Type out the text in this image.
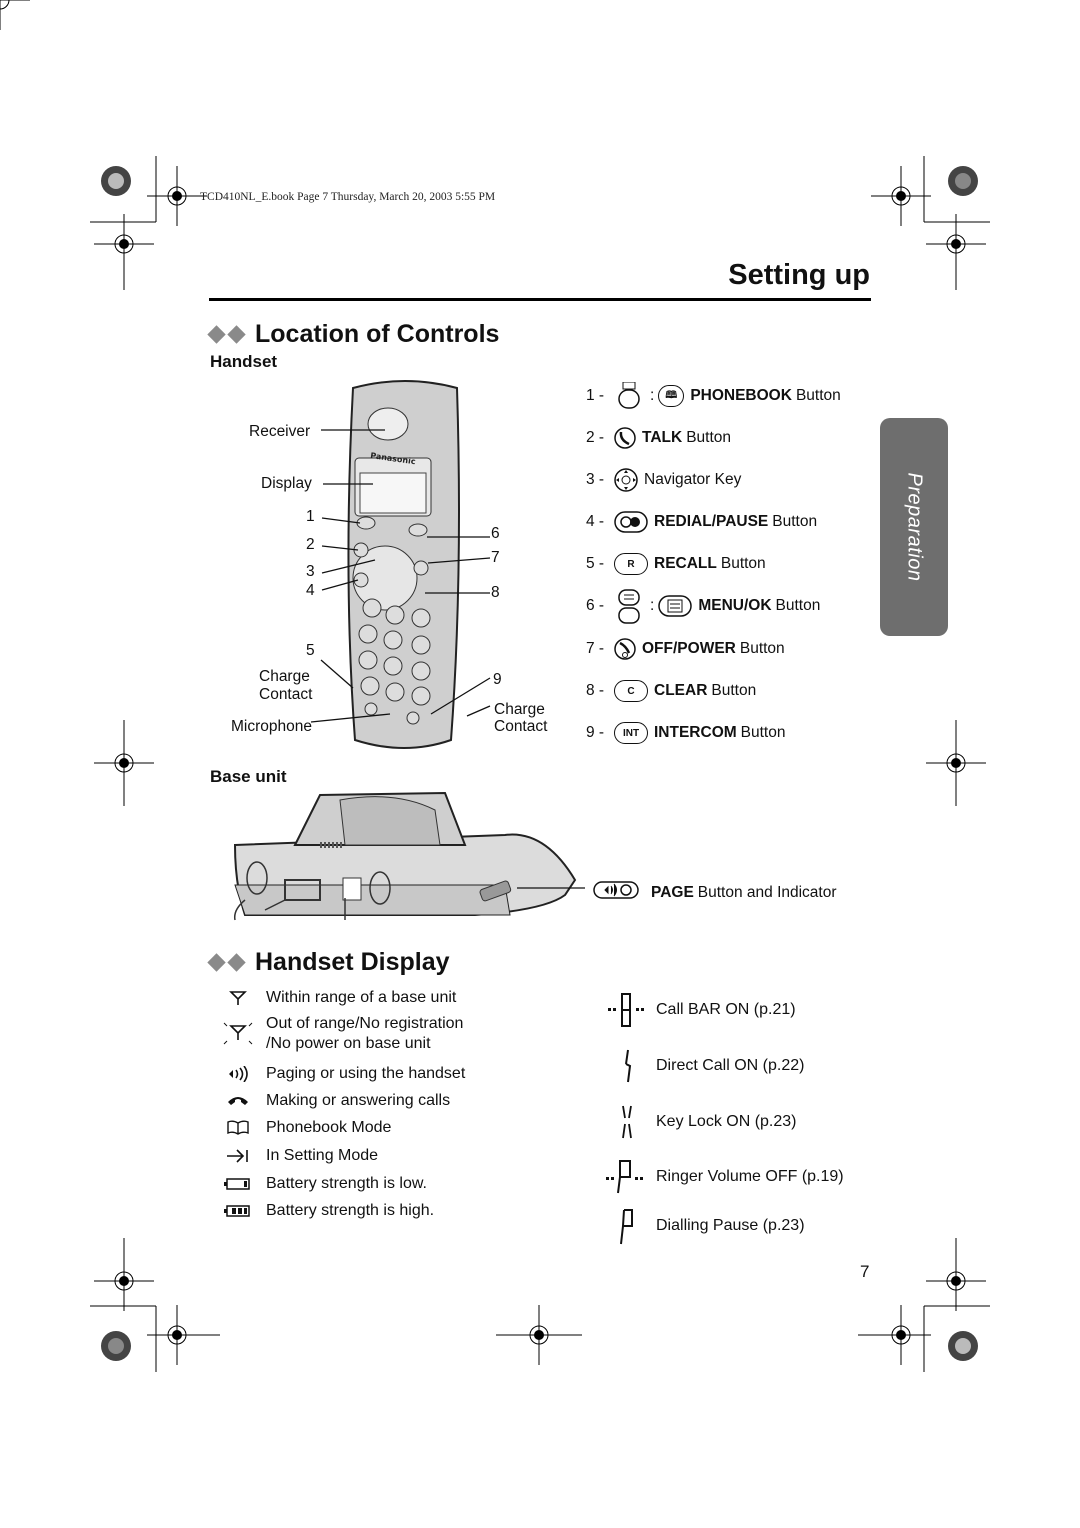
TCD410NL_E.book Page 7 Thursday, March 20, 2003 5:55 PM
Setting up
Location of Controls
Handset
Panasonic
Receiver
Display
1
2
3
4
5
Charge
Contact
Microphone
6
7
8
9
Charge
Contact
1 -	:	🕮 PHONEBOOK Button
2 -	TALK Button
3 -	Navigator Key
4 -	REDIAL/PAUSE Button
5 -	R	RECALL Button
6 -	:	MENU/OK Button
7 -	OFF/POWER Button
8 -	C	CLEAR Button
9 -	INT INTERCOM Button
Preparation
Base unit
PAGE Button and Indicator
Handset Display
Within range of a base unit
Out of range/No registration
/No power on base unit
Paging or using the handset
Making or answering calls
Phonebook Mode
In Setting Mode
Battery strength is low.
Battery strength is high.
Call BAR ON (p.21)
Direct Call ON (p.22)
Key Lock ON (p.23)
Ringer Volume OFF (p.19)
Dialling Pause (p.23)
7
